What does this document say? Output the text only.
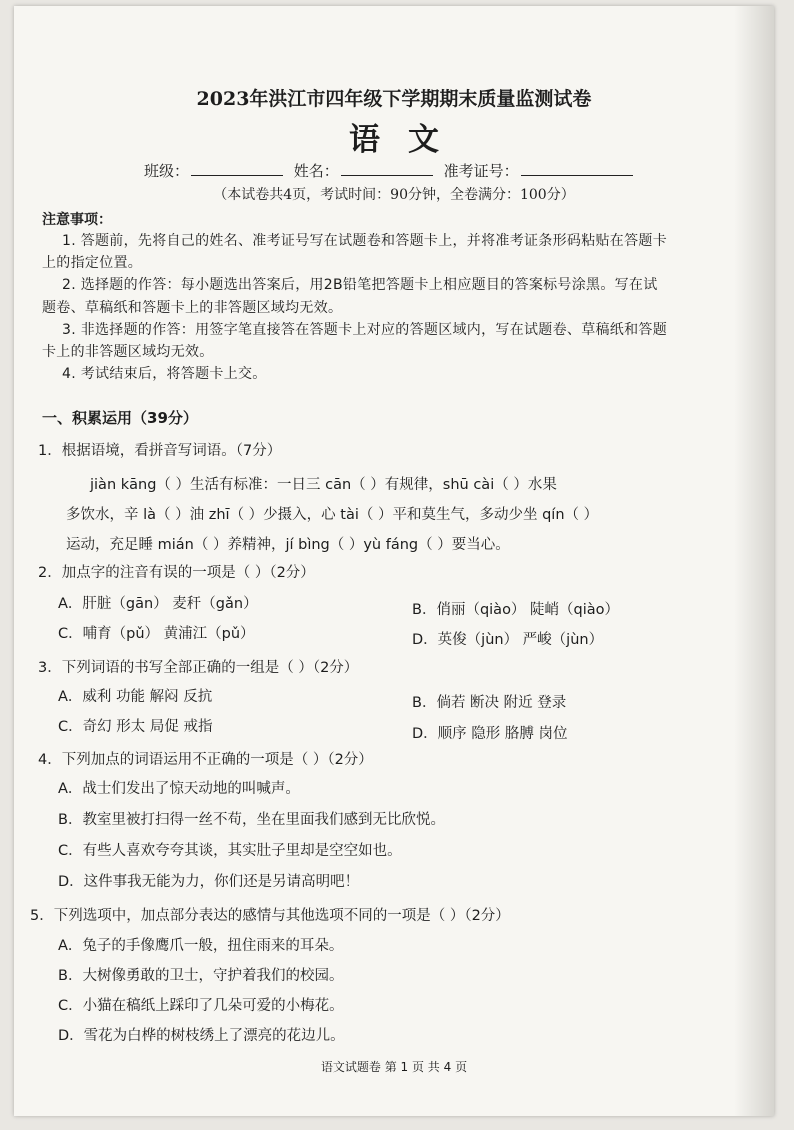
2023年洪江市四年级下学期期末质量监测试卷
语文
班级：	姓名：	准考证号：
（本试卷共4页，考试时间：90分钟，全卷满分：100分）
注意事项：
1. 答题前，先将自己的姓名、准考证号写在试题卷和答题卡上，并将准考证条形码粘贴在答题卡
上的指定位置。
2. 选择题的作答：每小题选出答案后，用2B铅笔把答题卡上相应题目的答案标号涂黑。写在试
题卷、草稿纸和答题卡上的非答题区域均无效。
3. 非选择题的作答：用签字笔直接答在答题卡上对应的答题区域内，写在试题卷、草稿纸和答题
卡上的非答题区域均无效。
4. 考试结束后，将答题卡上交。
一、积累运用（39分）
1．根据语境，看拼音写词语。（7分）
jiàn kāng（ ）生活有标准：一日三 cān（ ）有规律，shū cài（ ）水果
多饮水，辛 là（ ）油 zhī（ ）少摄入，心 tài（ ）平和莫生气，多动少坐 qín（ ）
运动，充足睡 mián（ ）养精神，jí bìng（ ）yù fáng（ ）要当心。
2．加点字的注音有误的一项是（ ）（2分）
A．肝脏（gān） 麦秆（gǎn）	B．俏丽（qiào） 陡峭（qiào）
C．哺育（pǔ） 黄浦江（pǔ）	D．英俊（jùn） 严峻（jùn）
3．下列词语的书写全部正确的一组是（ ）（2分）
A．威利 功能 解闷 反抗	B．倘若 断决 附近 登录
C．奇幻 形太 局促 戒指	D．顺序 隐形 胳膊 岗位
4．下列加点的词语运用不正确的一项是（ ）（2分）
A．战士们发出了惊天动地的叫喊声。
B．教室里被打扫得一丝不苟，坐在里面我们感到无比欣悦。
C．有些人喜欢夸夸其谈，其实肚子里却是空空如也。
D．这件事我无能为力，你们还是另请高明吧！
5．下列选项中，加点部分表达的感情与其他选项不同的一项是（ ）（2分）
A．兔子的手像鹰爪一般，扭住雨来的耳朵。
B．大树像勇敢的卫士，守护着我们的校园。
C．小猫在稿纸上踩印了几朵可爱的小梅花。
D．雪花为白桦的树枝绣上了漂亮的花边儿。
语文试题卷 第 1 页 共 4 页
